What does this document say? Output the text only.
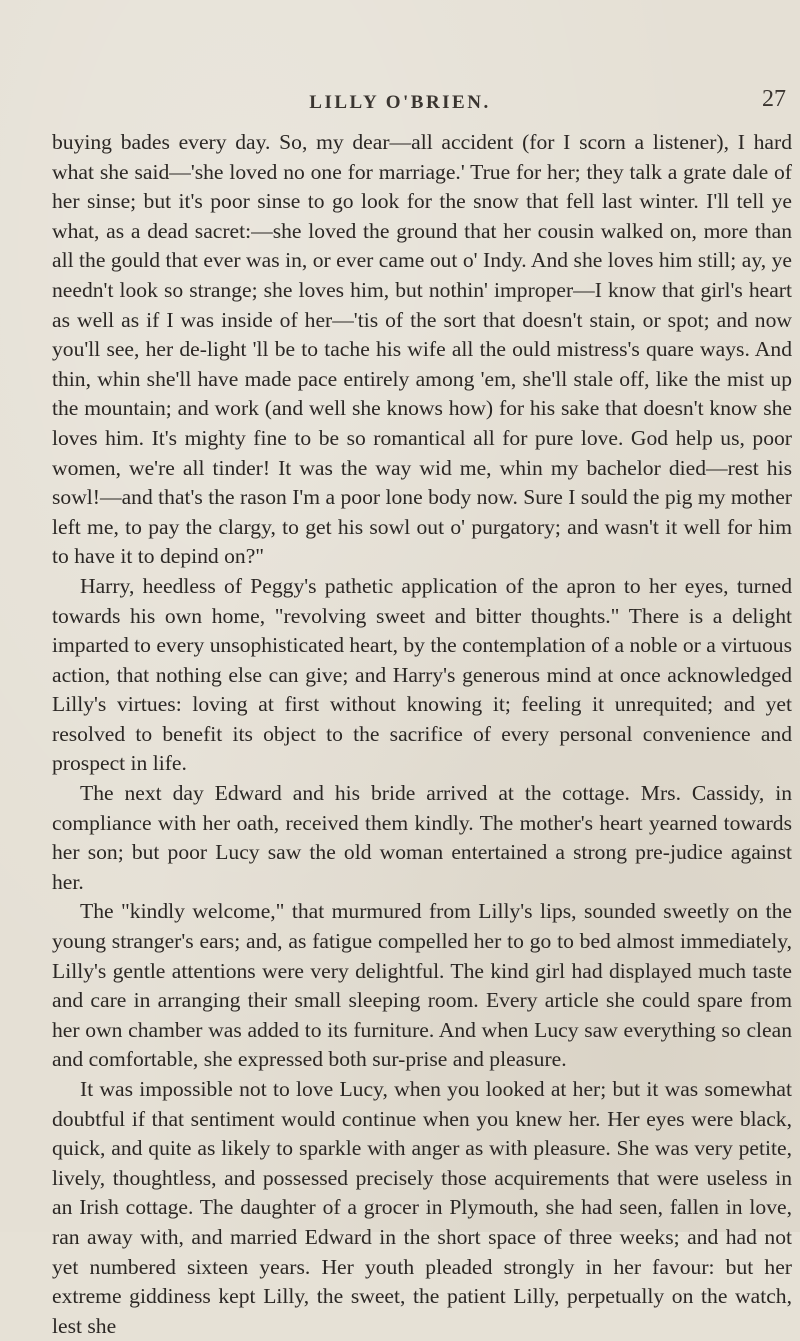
LILLY O'BRIEN.	27

buying bades every day. So, my dear—all accident (for I scorn a listener), I hard what she said—'she loved no one for marriage.' True for her; they talk a grate dale of her sinse; but it's poor sinse to go look for the snow that fell last winter. I'll tell ye what, as a dead sacret:—she loved the ground that her cousin walked on, more than all the gould that ever was in, or ever came out o' Indy. And she loves him still; ay, ye needn't look so strange; she loves him, but nothin' improper—I know that girl's heart as well as if I was inside of her—'tis of the sort that doesn't stain, or spot; and now you'll see, her de-light 'll be to tache his wife all the ould mistress's quare ways. And thin, whin she'll have made pace entirely among 'em, she'll stale off, like the mist up the mountain; and work (and well she knows how) for his sake that doesn't know she loves him. It's mighty fine to be so romantical all for pure love. God help us, poor women, we're all tinder! It was the way wid me, whin my bachelor died—rest his sowl!—and that's the rason I'm a poor lone body now. Sure I sould the pig my mother left me, to pay the clargy, to get his sowl out o' purgatory; and wasn't it well for him to have it to depind on?"

Harry, heedless of Peggy's pathetic application of the apron to her eyes, turned towards his own home, "revolving sweet and bitter thoughts." There is a delight imparted to every unsophisticated heart, by the contemplation of a noble or a virtuous action, that nothing else can give; and Harry's generous mind at once acknowledged Lilly's virtues: loving at first without knowing it; feeling it unrequited; and yet resolved to benefit its object to the sacrifice of every personal convenience and prospect in life.

The next day Edward and his bride arrived at the cottage. Mrs. Cassidy, in compliance with her oath, received them kindly. The mother's heart yearned towards her son; but poor Lucy saw the old woman entertained a strong pre-judice against her.

The "kindly welcome," that murmured from Lilly's lips, sounded sweetly on the young stranger's ears; and, as fatigue compelled her to go to bed almost immediately, Lilly's gentle attentions were very delightful. The kind girl had displayed much taste and care in arranging their small sleeping room. Every article she could spare from her own chamber was added to its furniture. And when Lucy saw everything so clean and comfortable, she expressed both sur-prise and pleasure.

It was impossible not to love Lucy, when you looked at her; but it was somewhat doubtful if that sentiment would continue when you knew her. Her eyes were black, quick, and quite as likely to sparkle with anger as with pleasure. She was very petite, lively, thoughtless, and possessed precisely those acquirements that were useless in an Irish cottage. The daughter of a grocer in Plymouth, she had seen, fallen in love, ran away with, and married Edward in the short space of three weeks; and had not yet numbered sixteen years. Her youth pleaded strongly in her favour: but her extreme giddiness kept Lilly, the sweet, the patient Lilly, perpetually on the watch, lest she
